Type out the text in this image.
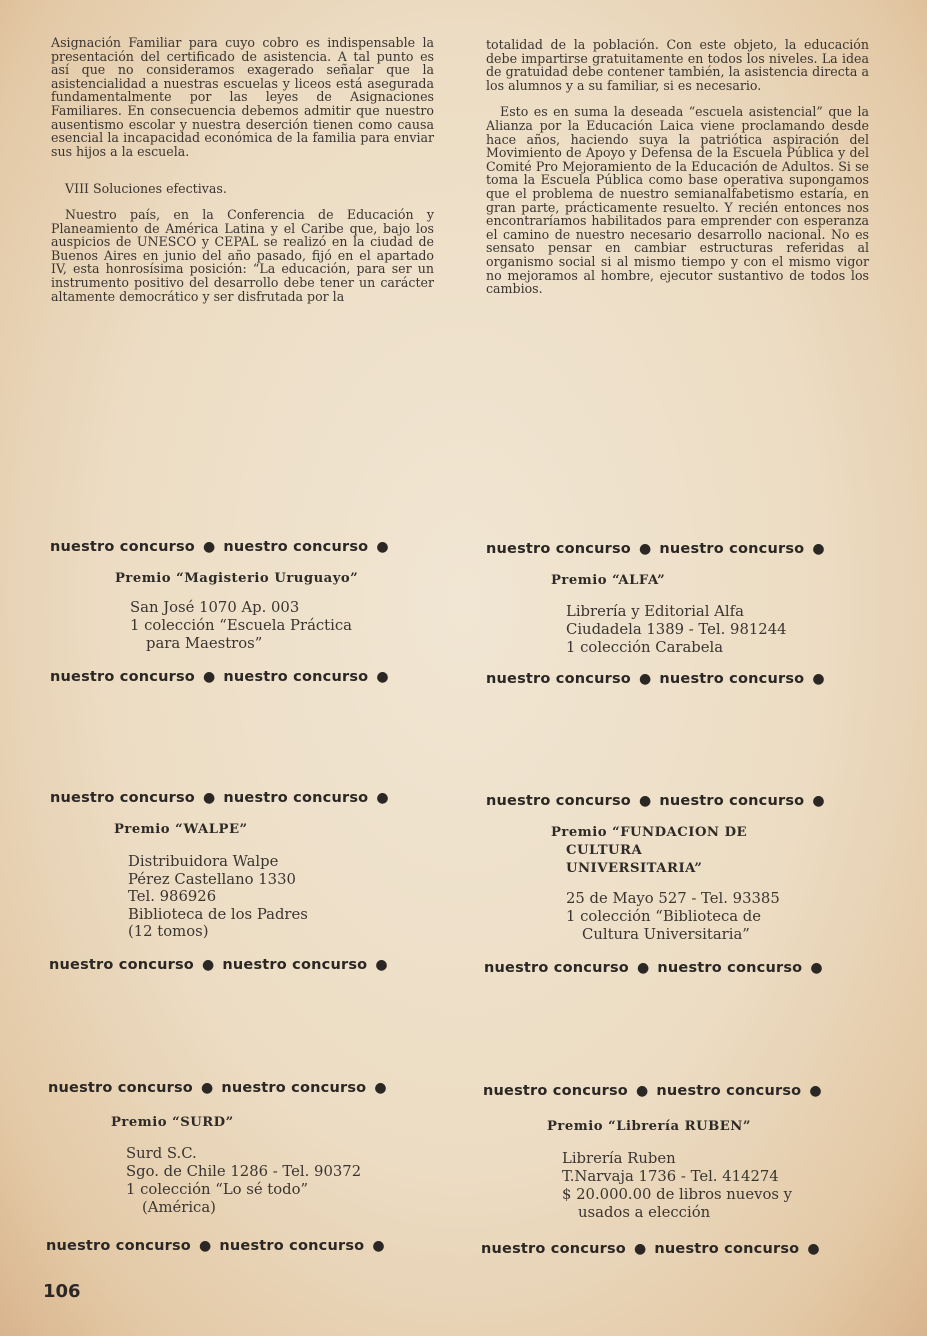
Asignación Familiar para cuyo cobro es indispensable la presentación del certificado de asistencia. A tal punto es así que no consideramos exagerado señalar que la asistencialidad a nuestras escuelas y liceos está asegurada fundamentalmente por las leyes de Asignaciones Familiares. En consecuencia debemos admitir que nuestro ausentismo escolar y nuestra deserción tienen como causa esencial la incapacidad económica de la familia para enviar sus hijos a la escuela.

VIII Soluciones efectivas.

Nuestro país, en la Conferencia de Educación y Planeamiento de América Latina y el Caribe que, bajo los auspicios de UNESCO y CEPAL se realizó en la ciudad de Buenos Aires en junio del año pasado, fijó en el apartado IV, esta honrosísima posición: “La educación, para ser un instrumento positivo del desarrollo debe tener un carácter altamente democrático y ser disfrutada por la

totalidad de la población. Con este objeto, la educación debe impartirse gratuitamente en todos los niveles. La idea de gratuidad debe contener también, la asistencia directa a los alumnos y a su familiar, si es necesario.

Esto es en suma la deseada “escuela asistencial” que la Alianza por la Educación Laica viene proclamando desde hace años, haciendo suya la patriótica aspiración del Movimiento de Apoyo y Defensa de la Escuela Pública y del Comité Pro Mejoramiento de la Educación de Adultos. Si se toma la Escuela Pública como base operativa supongamos que el problema de nuestro semianalfabetismo estaría, en gran parte, prácticamente resuelto. Y recién entonces nos encontraríamos habilitados para emprender con esperanza el camino de nuestro necesario desarrollo nacional. No es sensato pensar en cambiar estructuras referidas al organismo social si al mismo tiempo y con el mismo vigor no mejoramos al hombre, ejecutor sustantivo de todos los cambios.

nuestro concurso ● nuestro concurso ●	nuestro concurso ● nuestro concurso ●
nuestro concurso ● nuestro concurso ●	nuestro concurso ● nuestro concurso ●
nuestro concurso ● nuestro concurso ●	nuestro concurso ● nuestro concurso ●
nuestro concurso ● nuestro concurso ●	nuestro concurso ● nuestro concurso ●
nuestro concurso ● nuestro concurso ●	nuestro concurso ● nuestro concurso ●
nuestro concurso ● nuestro concurso ●	nuestro concurso ● nuestro concurso ●
Premio “Magisterio Uruguayo”
San José 1070 Ap. 003
1 colección “Escuela Práctica
para Maestros”
Premio “ALFA”
Librería y Editorial Alfa
Ciudadela 1389 - Tel. 981244
1 colección Carabela
Premio “WALPE”
Distribuidora Walpe
Pérez Castellano 1330
Tel. 986926
Biblioteca de los Padres
(12 tomos)
Premio “FUNDACION DE
CULTURA
UNIVERSITARIA”
25 de Mayo 527 - Tel. 93385
1 colección “Biblioteca de
Cultura Universitaria”
Premio “SURD”
Surd S.C.
Sgo. de Chile 1286 - Tel. 90372
1 colección “Lo sé todo”
(América)
Premio “Librería RUBEN”
Librería Ruben
T.Narvaja 1736 - Tel. 414274
$ 20.000.00 de libros nuevos y
usados a elección
106
